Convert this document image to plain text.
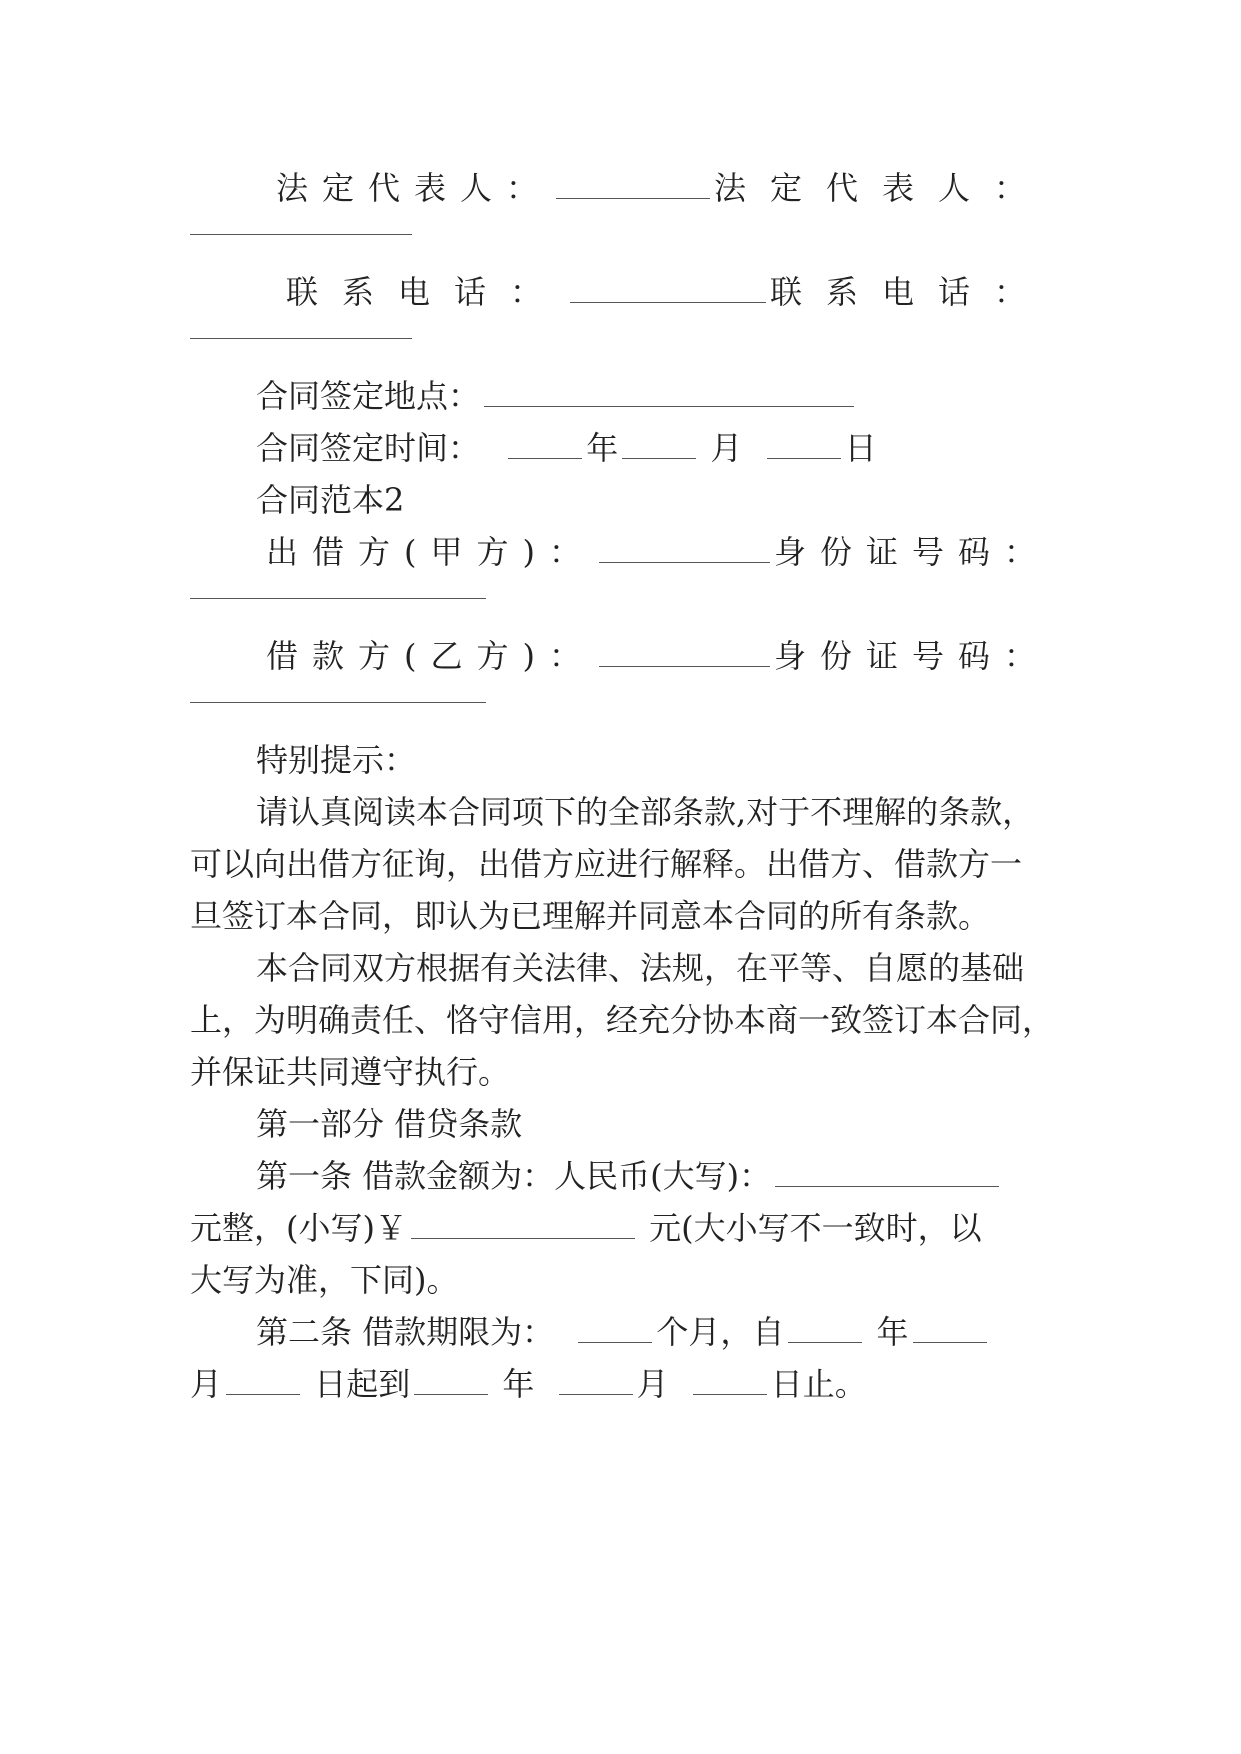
法定代表人：	法定代表人：
联系电话：	联系电话：
合同签定地点：
合同签定时间：	年	月	日
合同范本2
出借方(甲方)：	身份证号码：
借款方(乙方)：	身份证号码：
特别提示：
请认真阅读本合同项下的全部条款,对于不理解的条款，
可以向出借方征询，出借方应进行解释。出借方、借款方一
旦签订本合同，即认为已理解并同意本合同的所有条款。
本合同双方根据有关法律、法规，在平等、自愿的基础
上，为明确责任、恪守信用，经充分协本商一致签订本合同，
并保证共同遵守执行。
第一部分 借贷条款
第一条 借款金额为：人民币(大写)：
元整，(小写)￥	元(大小写不一致时，以
大写为准，下同)。
第二条 借款期限为：	个月，自	年
月	日起到	年	月	日止。
